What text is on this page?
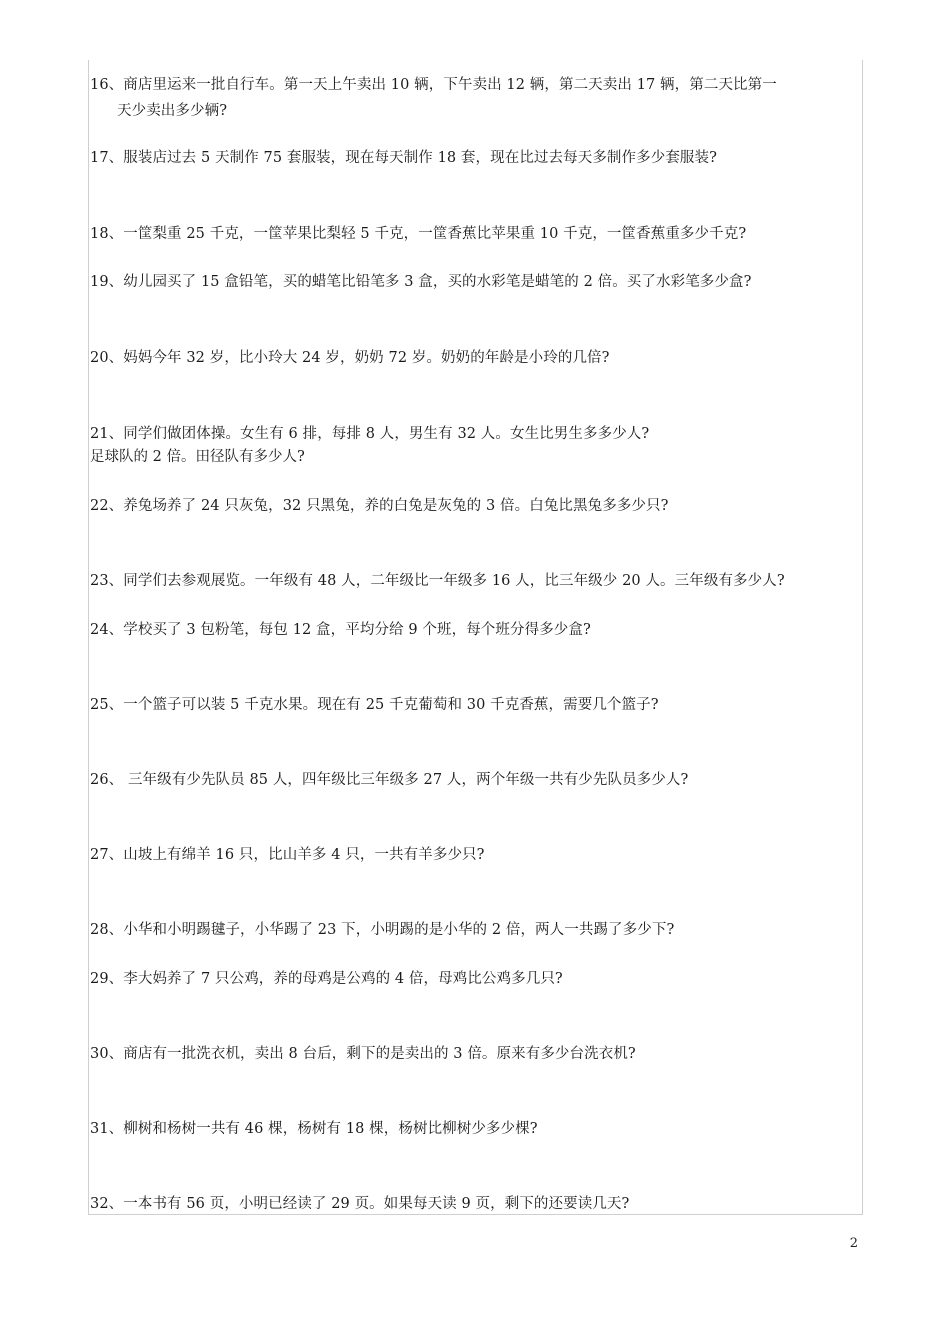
16、商店里运来一批自行车。第一天上午卖出 10 辆，下午卖出 12 辆，第二天卖出 17 辆，第二天比第一
天少卖出多少辆?
17、服装店过去 5 天制作 75 套服装，现在每天制作 18 套，现在比过去每天多制作多少套服装?
18、一筐梨重 25 千克，一筐苹果比梨轻 5 千克，一筐香蕉比苹果重 10 千克，一筐香蕉重多少千克?
19、幼儿园买了 15 盒铅笔，买的蜡笔比铅笔多 3 盒，买的水彩笔是蜡笔的 2 倍。买了水彩笔多少盒?
20、妈妈今年 32 岁，比小玲大 24 岁，奶奶 72 岁。奶奶的年龄是小玲的几倍?
21、同学们做团体操。女生有 6 排，每排 8 人，男生有 32 人。女生比男生多多少人?
足球队的 2 倍。田径队有多少人?
22、养兔场养了 24 只灰兔，32 只黑兔，养的白兔是灰兔的 3 倍。白兔比黑兔多多少只?
23、同学们去参观展览。一年级有 48 人，二年级比一年级多 16 人，比三年级少 20 人。三年级有多少人?
24、学校买了 3 包粉笔，每包 12 盒，平均分给 9 个班，每个班分得多少盒?
25、一个篮子可以装 5 千克水果。现在有 25 千克葡萄和 30 千克香蕉，需要几个篮子?
26、 三年级有少先队员 85 人，四年级比三年级多 27 人，两个年级一共有少先队员多少人?
27、山坡上有绵羊 16 只，比山羊多 4 只，一共有羊多少只?
28、小华和小明踢毽子，小华踢了 23 下，小明踢的是小华的 2 倍，两人一共踢了多少下?
29、李大妈养了 7 只公鸡，养的母鸡是公鸡的 4 倍，母鸡比公鸡多几只?
30、商店有一批洗衣机，卖出 8 台后，剩下的是卖出的 3 倍。原来有多少台洗衣机?
31、柳树和杨树一共有 46 棵，杨树有 18 棵，杨树比柳树少多少棵?
32、一本书有 56 页，小明已经读了 29 页。如果每天读 9 页，剩下的还要读几天?
2
